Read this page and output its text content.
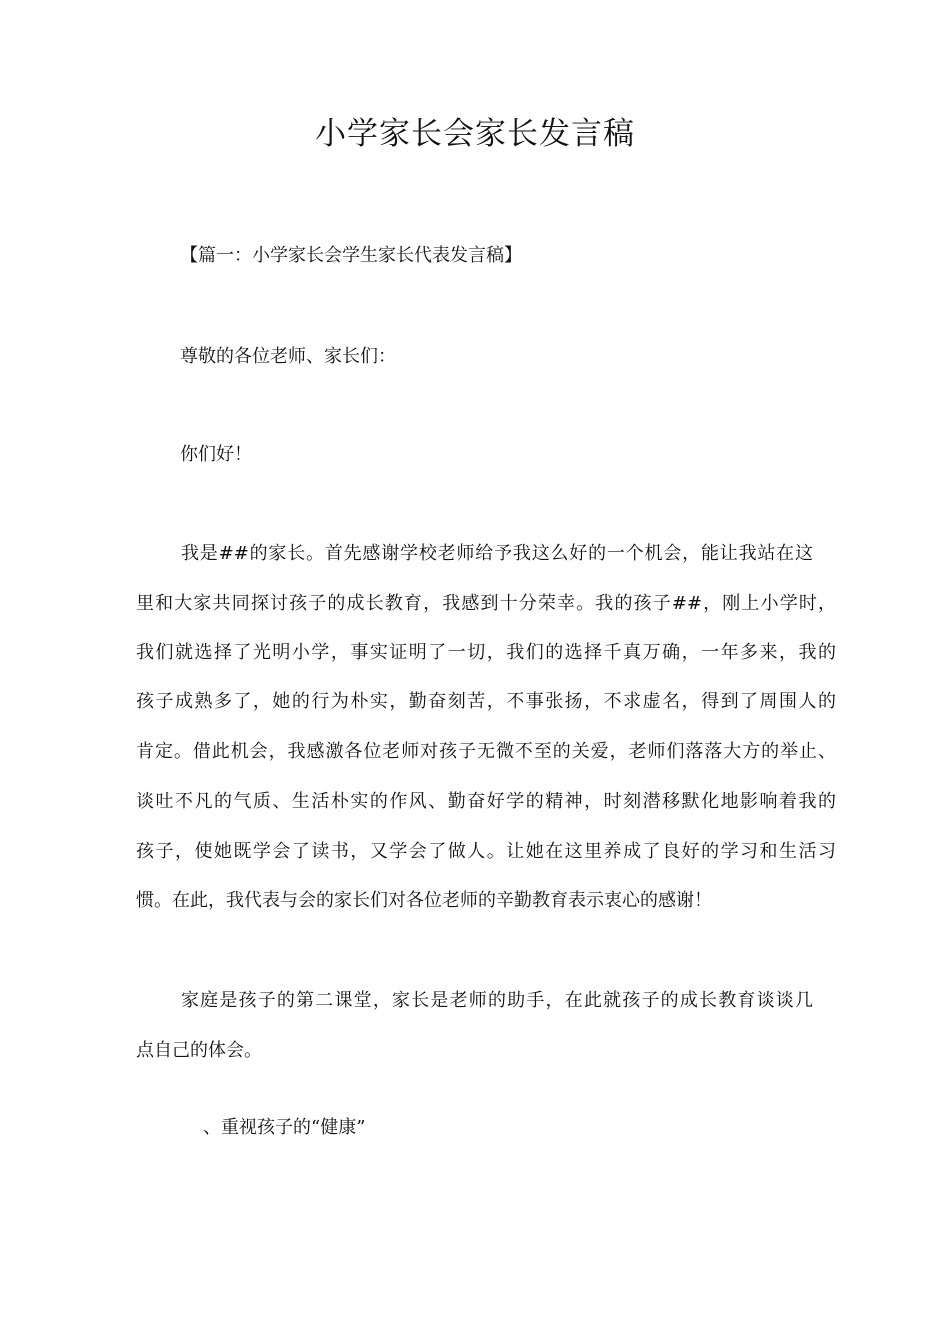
小学家长会家长发言稿
【篇一：小学家长会学生家长代表发言稿】
尊敬的各位老师、家长们：
你们好！
我是##的家长。首先感谢学校老师给予我这么好的一个机会，能让我站在这
里和大家共同探讨孩子的成长教育，我感到十分荣幸。我的孩子##，刚上小学时，
我们就选择了光明小学，事实证明了一切，我们的选择千真万确，一年多来，我的
孩子成熟多了，她的行为朴实，勤奋刻苦，不事张扬，不求虚名，得到了周围人的
肯定。借此机会，我感激各位老师对孩子无微不至的关爱，老师们落落大方的举止、
谈吐不凡的气质、生活朴实的作风、勤奋好学的精神，时刻潜移默化地影响着我的
孩子，使她既学会了读书，又学会了做人。让她在这里养成了良好的学习和生活习
惯。在此，我代表与会的家长们对各位老师的辛勤教育表示衷心的感谢！
家庭是孩子的第二课堂，家长是老师的助手，在此就孩子的成长教育谈谈几
点自己的体会。
、重视孩子的“健康”
